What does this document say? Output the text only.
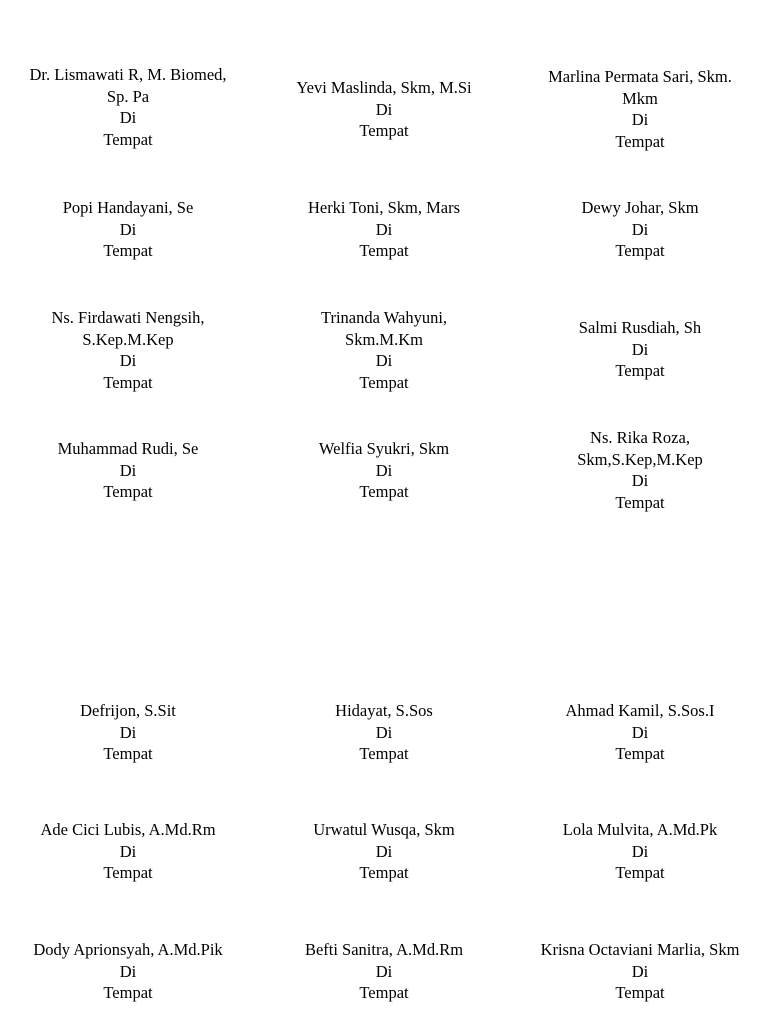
Dr. Lismawati R, M. Biomed,
Sp. Pa
Di
Tempat
Yevi Maslinda, Skm, M.Si
Di
Tempat
Marlina Permata Sari, Skm.
Mkm
Di
Tempat
Popi Handayani, Se
Di
Tempat
Herki Toni, Skm, Mars
Di
Tempat
Dewy Johar, Skm
Di
Tempat
Ns. Firdawati Nengsih,
S.Kep.M.Kep
Di
Tempat
Trinanda Wahyuni,
Skm.M.Km
Di
Tempat
Salmi Rusdiah, Sh
Di
Tempat
Muhammad Rudi, Se
Di
Tempat
Welfia Syukri, Skm
Di
Tempat
Ns. Rika Roza,
Skm,S.Kep,M.Kep
Di
Tempat
Defrijon, S.Sit
Di
Tempat
Hidayat, S.Sos
Di
Tempat
Ahmad Kamil, S.Sos.I
Di
Tempat
Ade Cici Lubis, A.Md.Rm
Di
Tempat
Urwatul Wusqa, Skm
Di
Tempat
Lola Mulvita, A.Md.Pk
Di
Tempat
Dody Aprionsyah, A.Md.Pik
Di
Tempat
Befti Sanitra, A.Md.Rm
Di
Tempat
Krisna Octaviani Marlia, Skm
Di
Tempat
